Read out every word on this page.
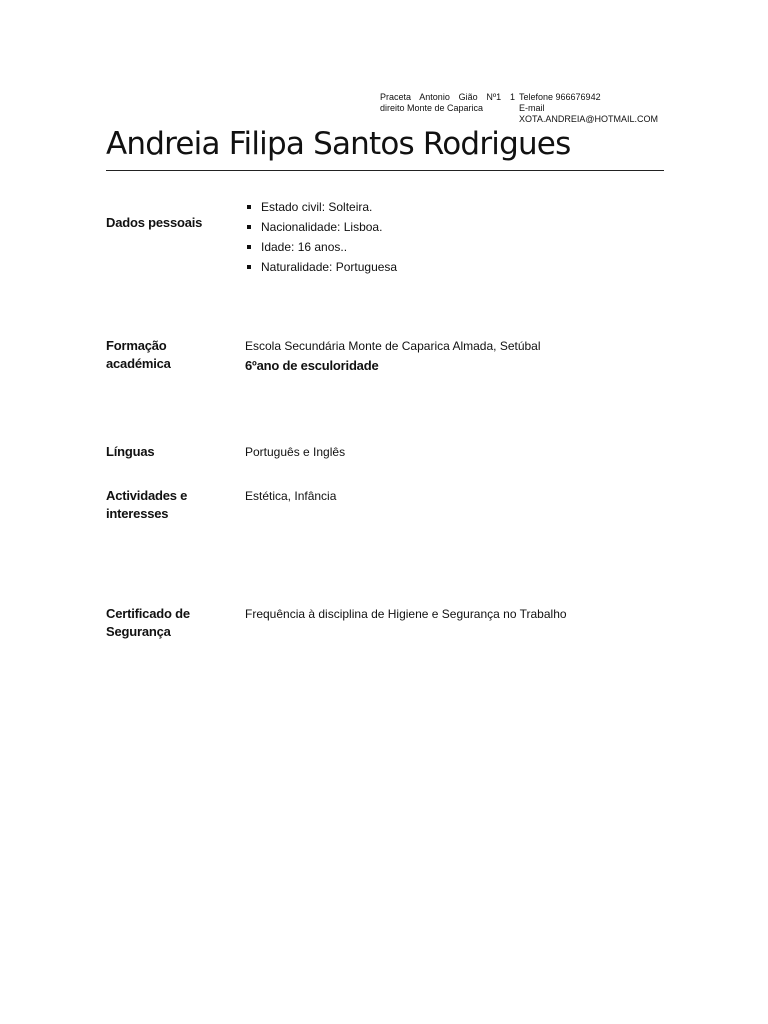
Praceta Antonio Gião Nº1 1
direito Monte de Caparica
Telefone 966676942
E-mail
XOTA.ANDREIA@HOTMAIL.COM
Andreia Filipa Santos Rodrigues
Dados pessoais
Estado civil: Solteira.
Nacionalidade: Lisboa.
Idade: 16 anos..
Naturalidade: Portuguesa
Formação
académica
Escola Secundária Monte de Caparica Almada, Setúbal
6ºano de esculoridade
Línguas	Português e Inglês
Actividades e
interesses
Estética, Infância
Certificado de
Segurança
Frequência à disciplina de Higiene e Segurança no Trabalho
